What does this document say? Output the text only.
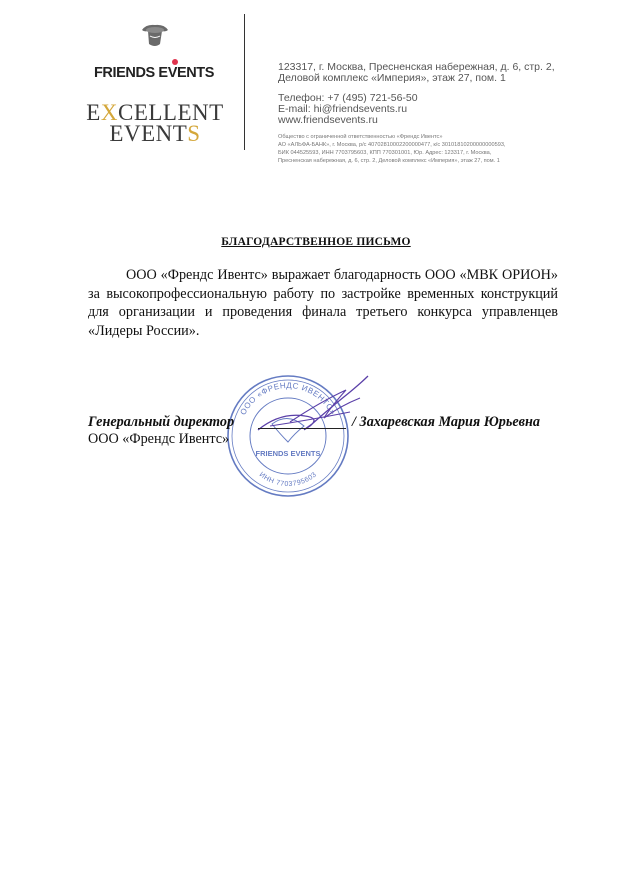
FRIENDS EVENTS
EXCELLENT
EVENTS
123317, г. Москва, Пресненская набережная, д. 6, стр. 2,
Деловой комплекс «Империя», этаж 27, пом. 1
Телефон: +7 (495) 721-56-50
E-mail: hi@friendsevents.ru
www.friendsevents.ru
Общество с ограниченной ответственностью «Френдс Ивентс»
АО «АЛЬФА-БАНК», г. Москва, р/с 40702810002200000477, к/с 30101810200000000593,
БИК 044525593, ИНН 7703795603, КПП 770301001, Юр. Адрес: 123317, г. Москва,
Пресненская набережная, д. 6, стр. 2, Деловой комплекс «Империя», этаж 27, пом. 1
БЛАГОДАРСТВЕННОЕ ПИСЬМО
ООО «Френдс Ивентс» выражает благодарность ООО «МВК ОРИОН» за высокопрофессиональную работу по застройке временных конструкций для организации и проведения финала третьего конкурса управленцев «Лидеры России».
ООО «ФРЕНДС ИВЕНТС»
ИНН 7703795603
FRIENDS EVENTS
Генеральный директор
ООО «Френдс Ивентс»
/ Захаревская Мария Юрьевна
